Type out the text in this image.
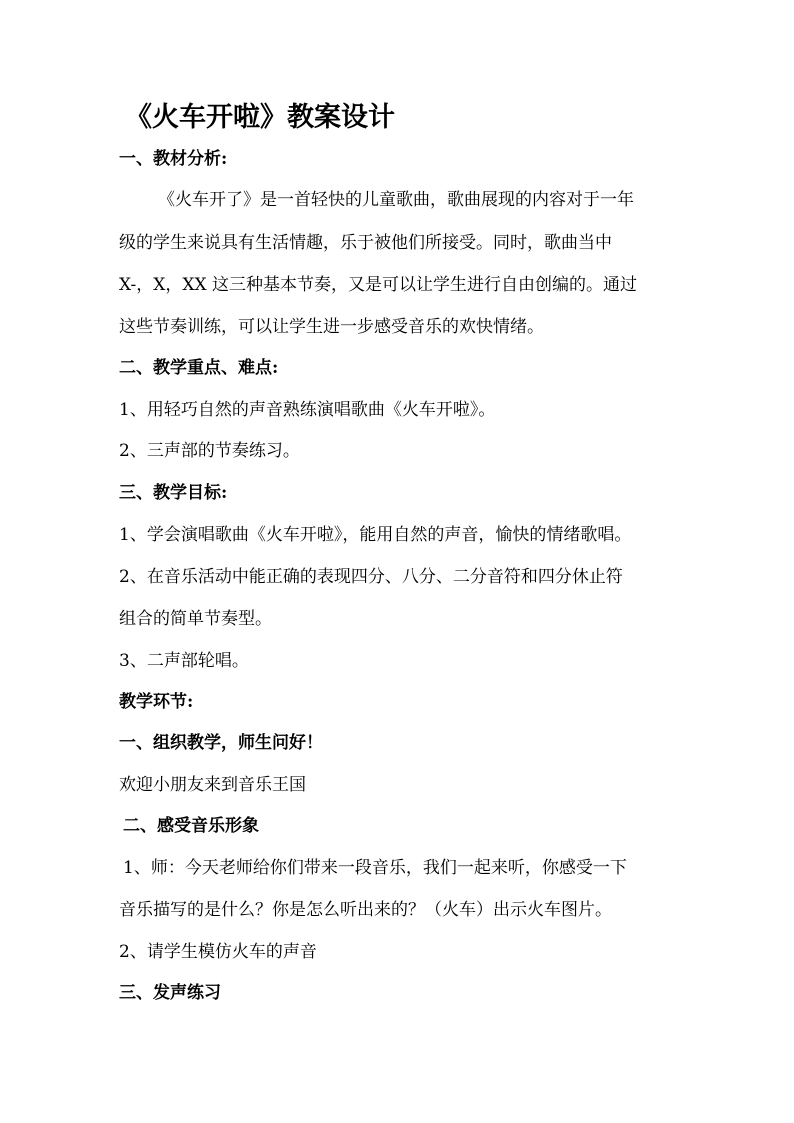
《火车开啦》教案设计
一、教材分析:
《火车开了》是一首轻快的儿童歌曲，歌曲展现的内容对于一年
级的学生来说具有生活情趣，乐于被他们所接受。同时，歌曲当中
X-，X，XX 这三种基本节奏，又是可以让学生进行自由创编的。通过
这些节奏训练，可以让学生进一步感受音乐的欢快情绪。
二、教学重点、难点:
1、用轻巧自然的声音熟练演唱歌曲《火车开啦》。
2、三声部的节奏练习。
三、教学目标:
1、学会演唱歌曲《火车开啦》，能用自然的声音，愉快的情绪歌唱。
2、在音乐活动中能正确的表现四分、八分、二分音符和四分休止符
组合的简单节奏型。
3、二声部轮唱。
教学环节:
一、组织教学，师生问好！
欢迎小朋友来到音乐王国
二、感受音乐形象
1、师：今天老师给你们带来一段音乐，我们一起来听，你感受一下
音乐描写的是什么？你是怎么听出来的？（火车）出示火车图片。
2、请学生模仿火车的声音
三、发声练习
